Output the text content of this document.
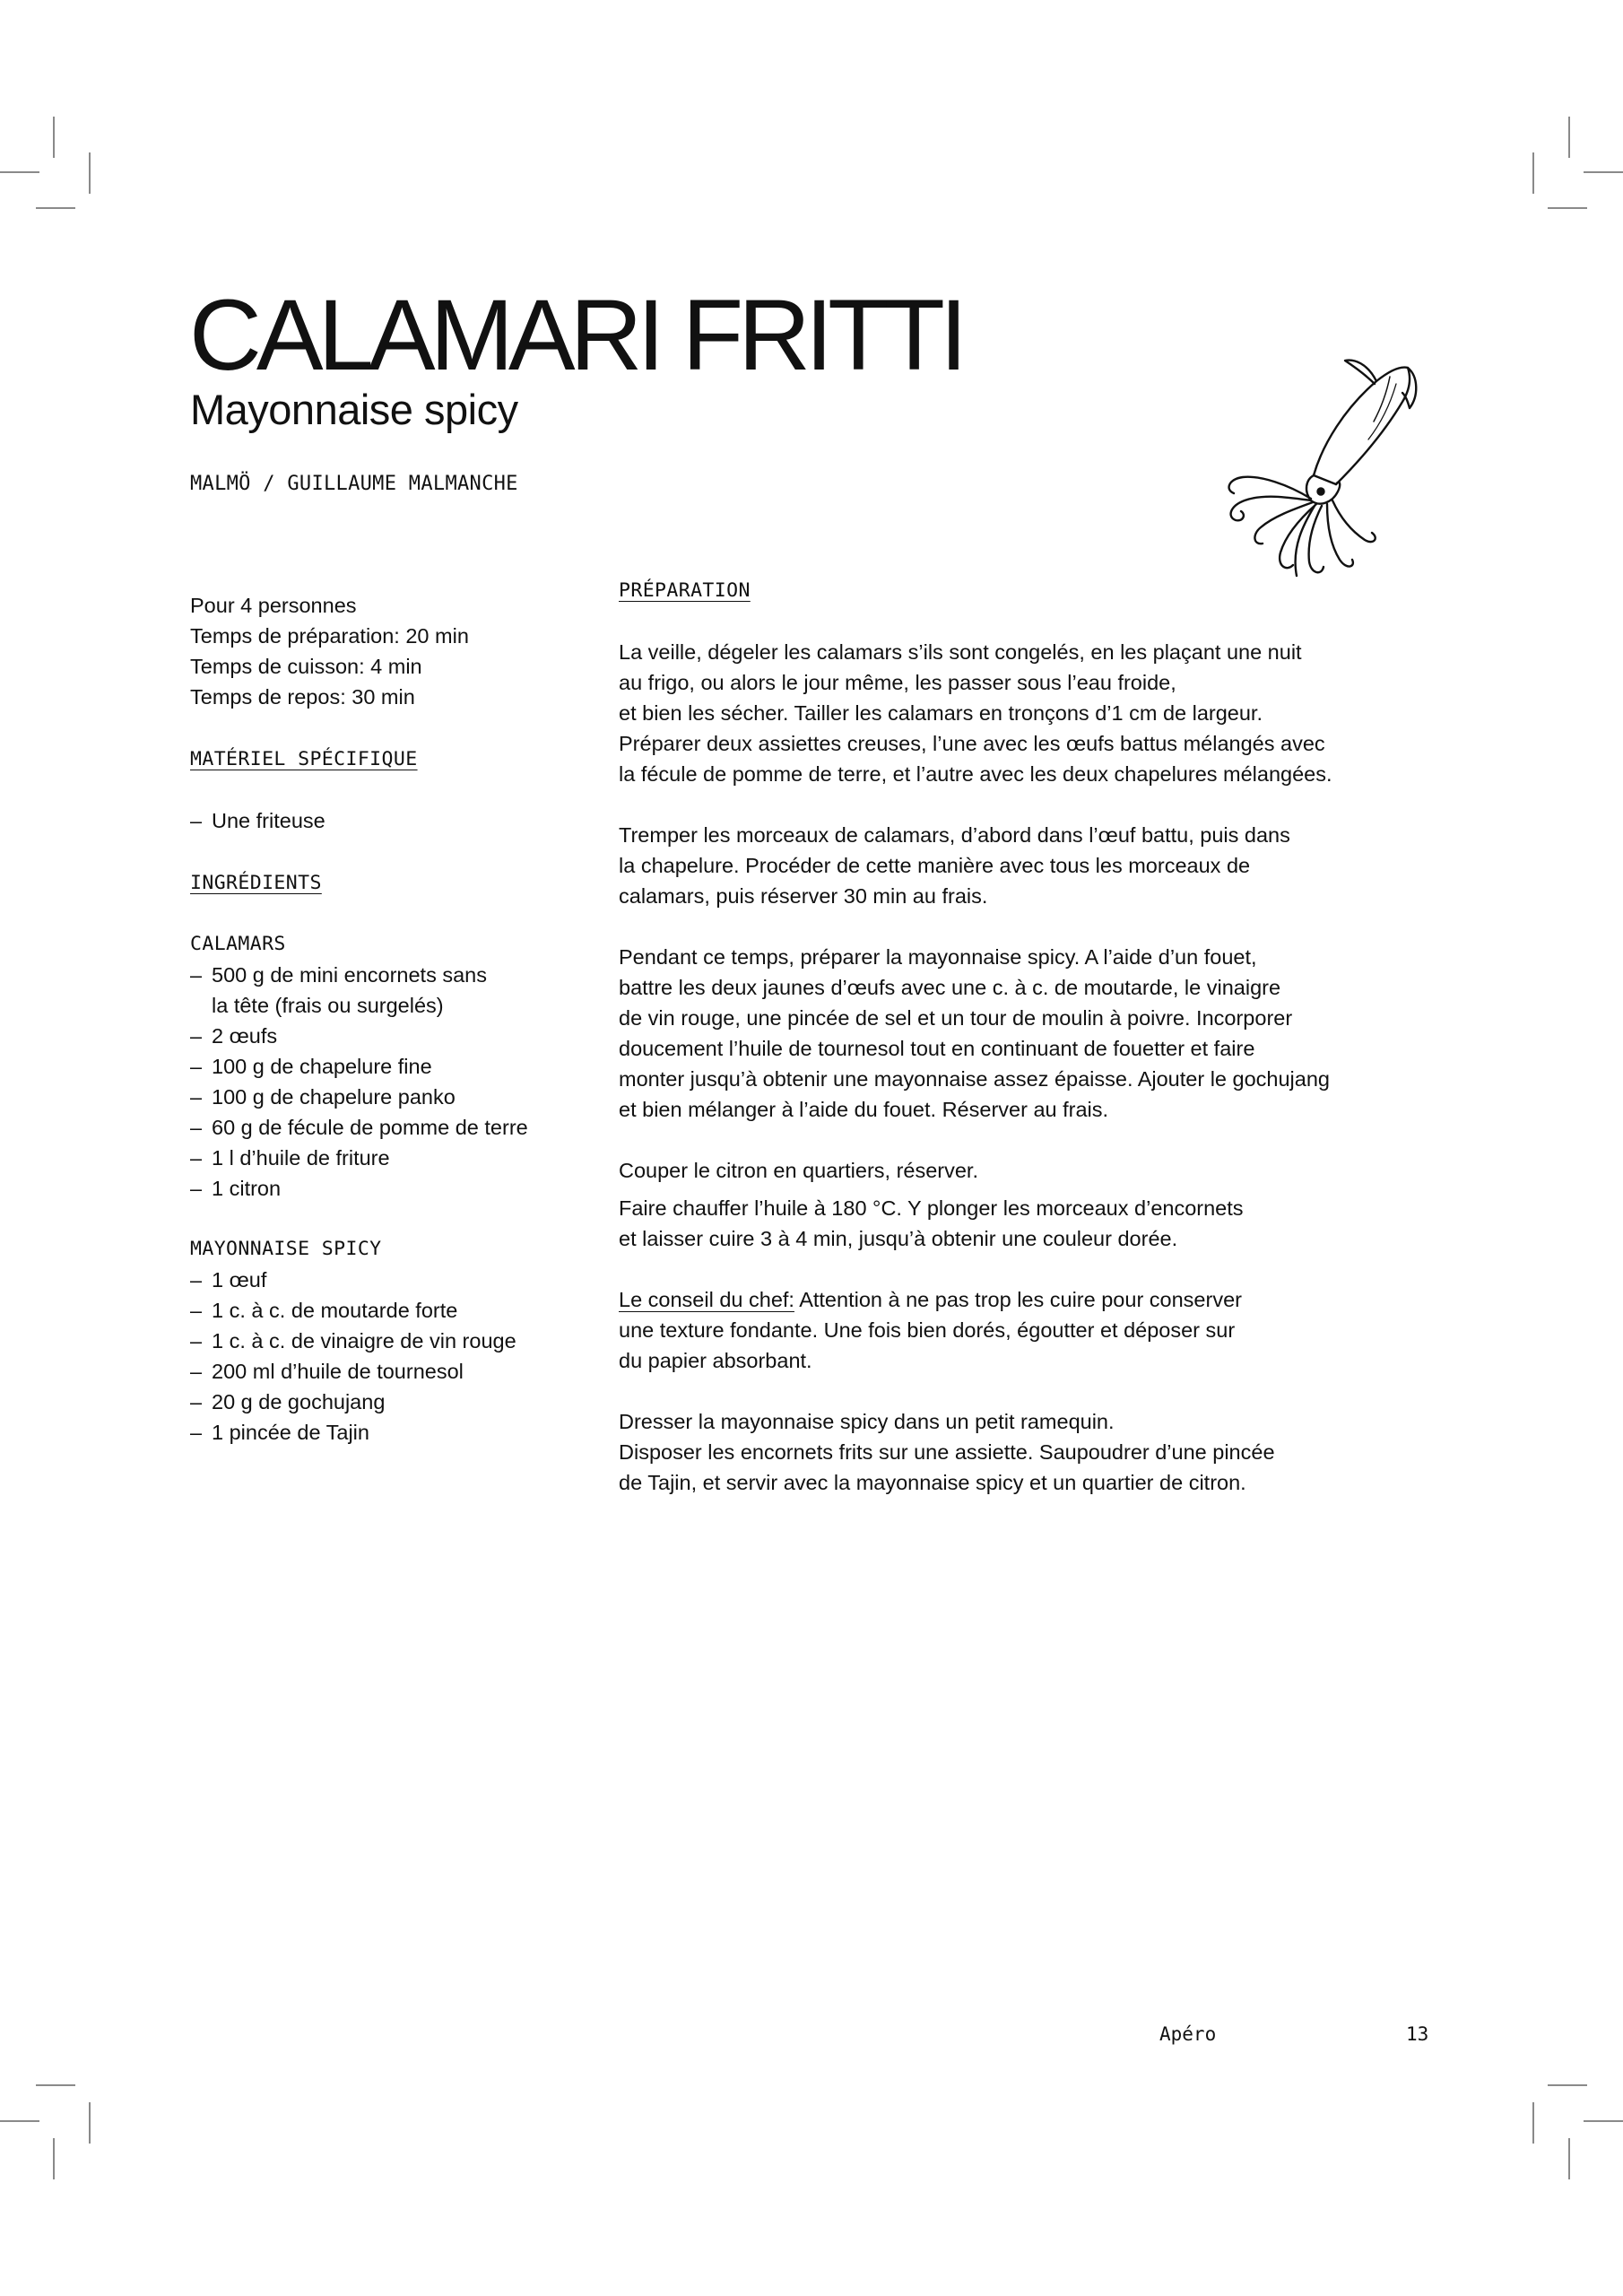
CALAMARI FRITTI
Mayonnaise spicy
MALMÖ / GUILLAUME MALMANCHE
Pour 4 personnes
Temps de préparation: 20 min
Temps de cuisson: 4 min
Temps de repos: 30 min
MATÉRIEL SPÉCIFIQUE
– Une friteuse
INGRÉDIENTS
CALAMARS
– 500 g de mini encornets sans
la tête (frais ou surgelés)
– 2 œufs
– 100 g de chapelure fine
– 100 g de chapelure panko
– 60 g de fécule de pomme de terre
– 1 l d’huile de friture
– 1 citron
MAYONNAISE SPICY
– 1 œuf
– 1 c. à c. de moutarde forte
– 1 c. à c. de vinaigre de vin rouge
– 200 ml d’huile de tournesol
– 20 g de gochujang
– 1 pincée de Tajin
PRÉPARATION
La veille, dégeler les calamars s’ils sont congelés, en les plaçant une nuit
au frigo, ou alors le jour même, les passer sous l’eau froide,
et bien les sécher. Tailler les calamars en tronçons d’1 cm de largeur.
Préparer deux assiettes creuses, l’une avec les œufs battus mélangés avec
la fécule de pomme de terre, et l’autre avec les deux chapelures mélangées.
Tremper les morceaux de calamars, d’abord dans l’œuf battu, puis dans
la chapelure. Procéder de cette manière avec tous les morceaux de
calamars, puis réserver 30 min au frais.
Pendant ce temps, préparer la mayonnaise spicy. A l’aide d’un fouet,
battre les deux jaunes d’œufs avec une c. à c. de moutarde, le vinaigre
de vin rouge, une pincée de sel et un tour de moulin à poivre. Incorporer
doucement l’huile de tournesol tout en continuant de fouetter et faire
monter jusqu’à obtenir une mayonnaise assez épaisse. Ajouter le gochujang
et bien mélanger à l’aide du fouet. Réserver au frais.
Couper le citron en quartiers, réserver.
Faire chauffer l’huile à 180 °C. Y plonger les morceaux d’encornets
et laisser cuire 3 à 4 min, jusqu’à obtenir une couleur dorée.
Le conseil du chef: Attention à ne pas trop les cuire pour conserver
une texture fondante. Une fois bien dorés, égoutter et déposer sur
du papier absorbant.
Dresser la mayonnaise spicy dans un petit ramequin.
Disposer les encornets frits sur une assiette. Saupoudrer d’une pincée
de Tajin, et servir avec la mayonnaise spicy et un quartier de citron.
Apéro	13
